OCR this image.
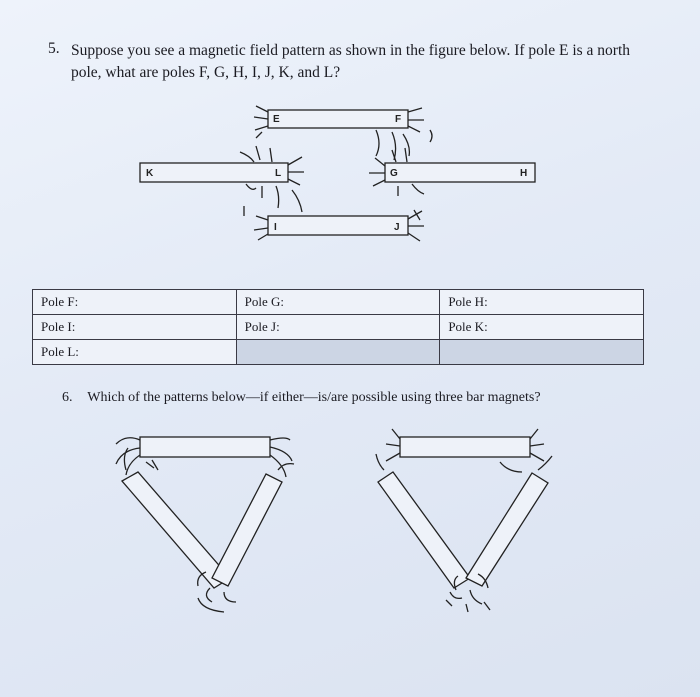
5. Suppose you see a magnetic field pattern as shown in the figure below. If pole E is a north pole, what are poles F, G, H, I, J, K, and L?
E	F
K	L	G	H
I	J
Pole F:	Pole G:	Pole H:
Pole I:	Pole J:	Pole K:
Pole L:		
6. Which of the patterns below—if either—is/are possible using three bar magnets?
